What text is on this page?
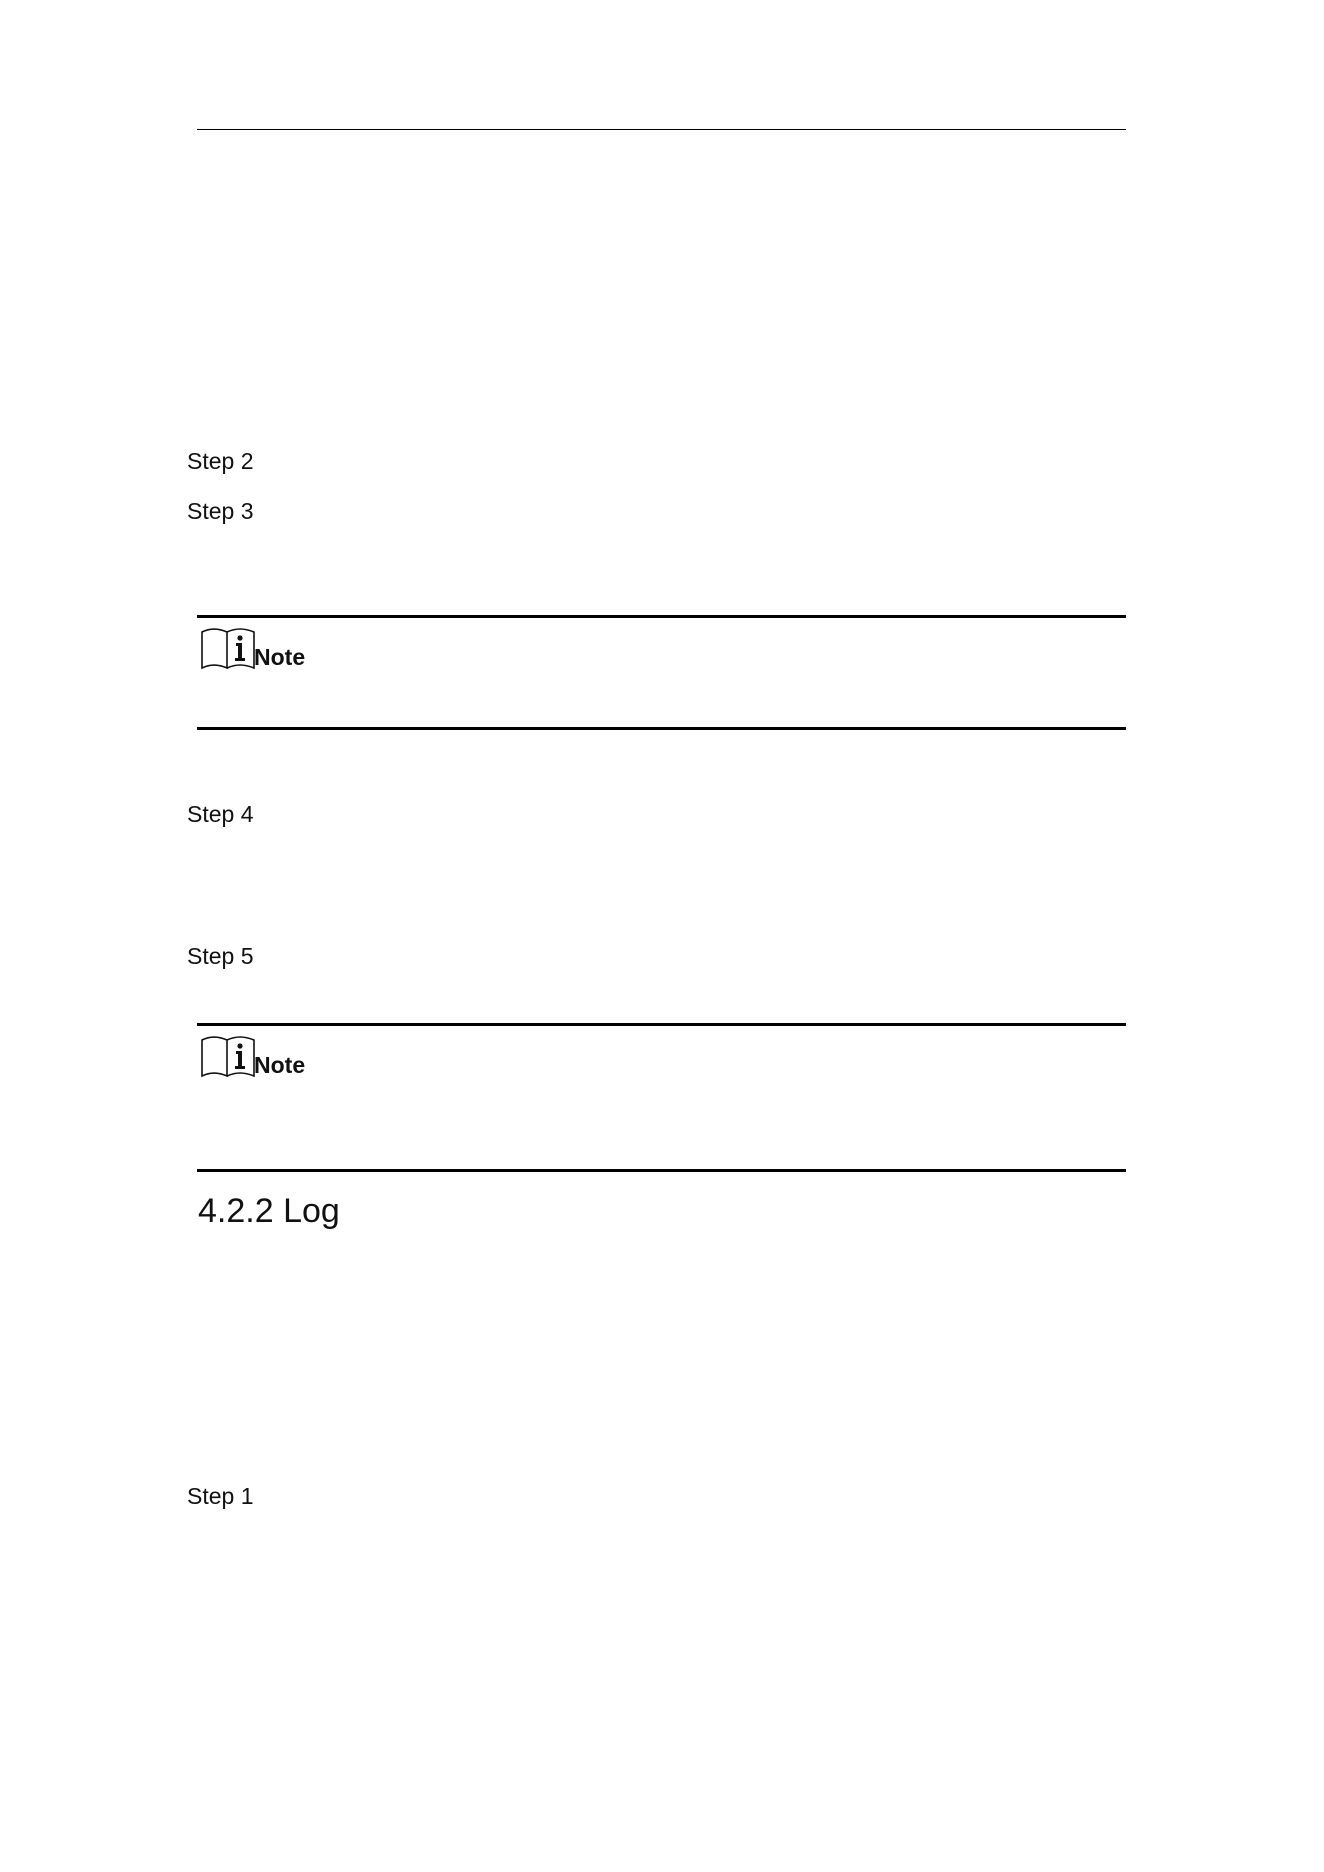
Step 2
Step 3
Note
Step 4
Step 5
Note
4.2.2 Log
Step 1
